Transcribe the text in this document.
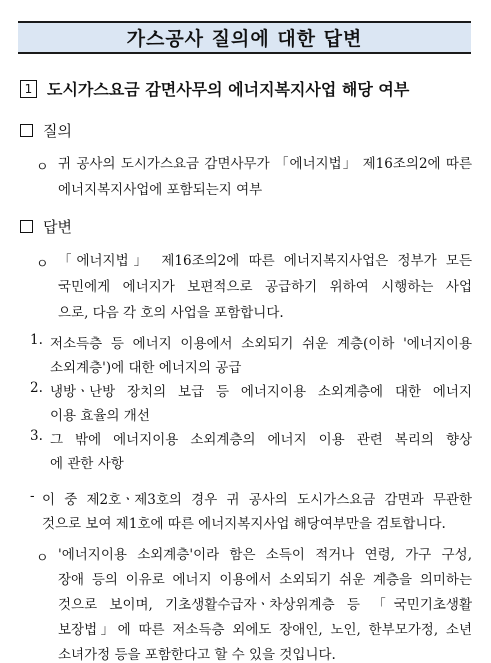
가스공사 질의에 대한 답변
1 도시가스요금 감면사무의 에너지복지사업 해당 여부
질의
ㅇ 귀 공사의 도시가스요금 감면사무가 「에너지법」 제16조의2에 따른
에너지복지사업에 포함되는지 여부
답변
ㅇ 「에너지법」 제16조의2에 따른 에너지복지사업은 정부가 모든
국민에게 에너지가 보편적으로 공급하기 위하여 시행하는 사업
으로, 다음 각 호의 사업을 포함합니다.
1. 저소득층 등 에너지 이용에서 소외되기 쉬운 계층(이하 '에너지이용
소외계층')에 대한 에너지의 공급
2. 냉방ㆍ난방 장치의 보급 등 에너지이용 소외계층에 대한 에너지
이용 효율의 개선
3. 그 밖에 에너지이용 소외계층의 에너지 이용 관련 복리의 향상
에 관한 사항
- 이 중 제2호ㆍ제3호의 경우 귀 공사의 도시가스요금 감면과 무관한
것으로 보여 제1호에 따른 에너지복지사업 해당여부만을 검토합니다.
ㅇ '에너지이용 소외계층'이라 함은 소득이 적거나 연령, 가구 구성,
장애 등의 이유로 에너지 이용에서 소외되기 쉬운 계층을 의미하는
것으로 보이며, 기초생활수급자ㆍ차상위계층 등 「국민기초생활
보장법」에 따른 저소득층 외에도 장애인, 노인, 한부모가정, 소년
소녀가정 등을 포함한다고 할 수 있을 것입니다.
